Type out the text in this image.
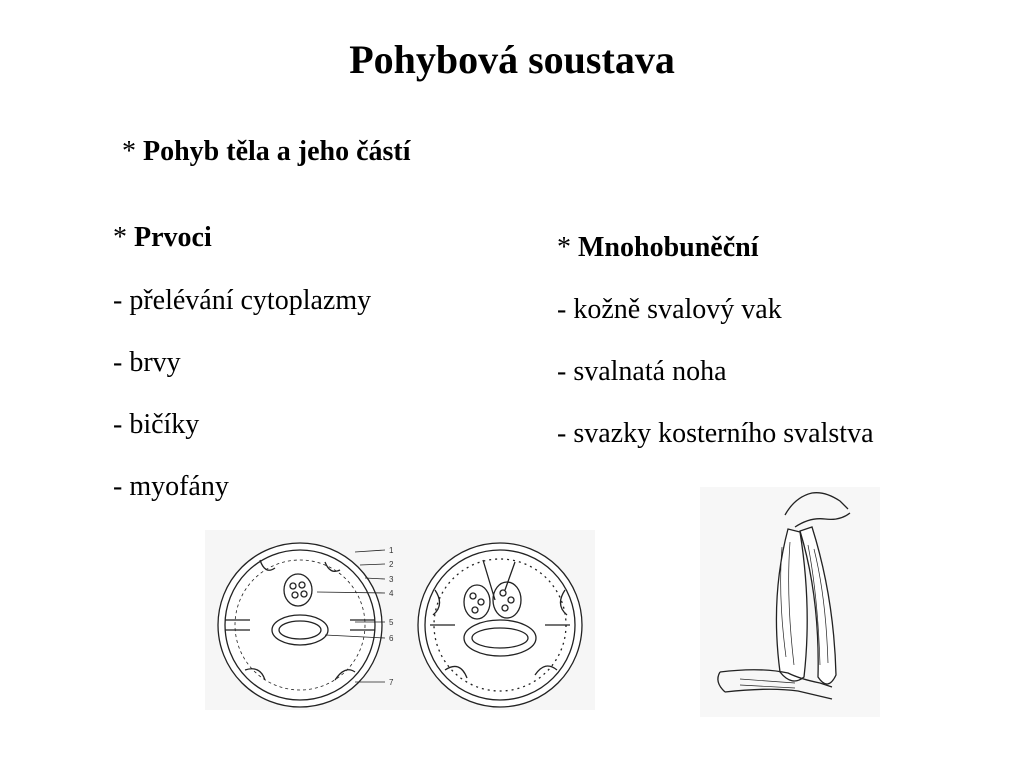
Pohybová soustava

* Pohyb těla a jeho částí

* Prvoci
- přelévání cytoplazmy
- brvy
- bičíky
- myofány
* Mnohobuněční
- kožně svalový vak
- svalnatá noha
- svazky kosterního svalstva
1
2
3
4
5
6
7
